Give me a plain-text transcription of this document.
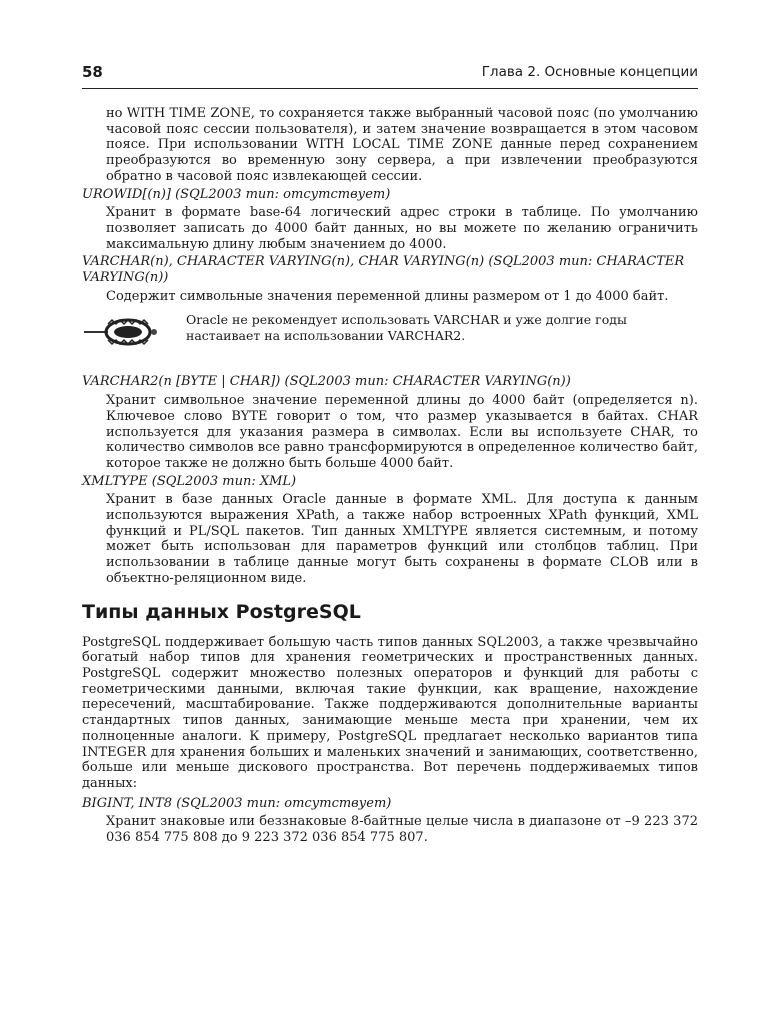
58	Глава 2. Основные концепции

но WITH TIME ZONE, то сохраняется также выбранный часовой пояс (по умолчанию часовой пояс сессии пользователя), и затем значение возвращается в этом часовом поясе. При использовании WITH LOCAL TIME ZONE данные перед сохранением преобразуются во временную зону сервера, а при извлечении преобразуются обратно в часовой пояс извлекающей сессии.

UROWID[(n)] (SQL2003 тип: отсутствует)

Хранит в формате base-64 логический адрес строки в таблице. По умолчанию позволяет записать до 4000 байт данных, но вы можете по желанию ограничить максимальную длину любым значением до 4000.

VARCHAR(n), CHARACTER VARYING(n), CHAR VARYING(n) (SQL2003 тип: CHARACTER VARYING(n))

Содержит символьные значения переменной длины размером от 1 до 4000 байт.

Oracle не рекомендует использовать VARCHAR и уже долгие годы настаивает на использовании VARCHAR2.
VARCHAR2(n [BYTE | CHAR]) (SQL2003 тип: CHARACTER VARYING(n))

Хранит символьное значение переменной длины до 4000 байт (определяется n). Ключевое слово BYTE говорит о том, что размер указывается в байтах. CHAR используется для указания размера в символах. Если вы используете CHAR, то количество символов все равно трансформируются в определенное количество байт, которое также не должно быть больше 4000 байт.

XMLTYPE (SQL2003 тип: XML)

Хранит в базе данных Oracle данные в формате XML. Для доступа к данным используются выражения XPath, а также набор встроенных XPath функций, XML функций и PL/SQL пакетов. Тип данных XMLTYPE является системным, и потому может быть использован для параметров функций или столбцов таблиц. При использовании в таблице данные могут быть сохранены в формате CLOB или в объектно-реляционном виде.

Типы данных PostgreSQL

PostgreSQL поддерживает большую часть типов данных SQL2003, а также чрезвычайно богатый набор типов для хранения геометрических и пространственных данных. PostgreSQL содержит множество полезных операторов и функций для работы с геометрическими данными, включая такие функции, как вращение, нахождение пересечений, масштабирование. Также поддерживаются дополнительные варианты стандартных типов данных, занимающие меньше места при хранении, чем их полноценные аналоги. К примеру, PostgreSQL предлагает несколько вариантов типа INTEGER для хранения больших и маленьких значений и занимающих, соответственно, больше или меньше дискового пространства. Вот перечень поддерживаемых типов данных:

BIGINT, INT8 (SQL2003 тип: отсутствует)

Хранит знаковые или беззнаковые 8-байтные целые числа в диапазоне от –9 223 372 036 854 775 808 до 9 223 372 036 854 775 807.
